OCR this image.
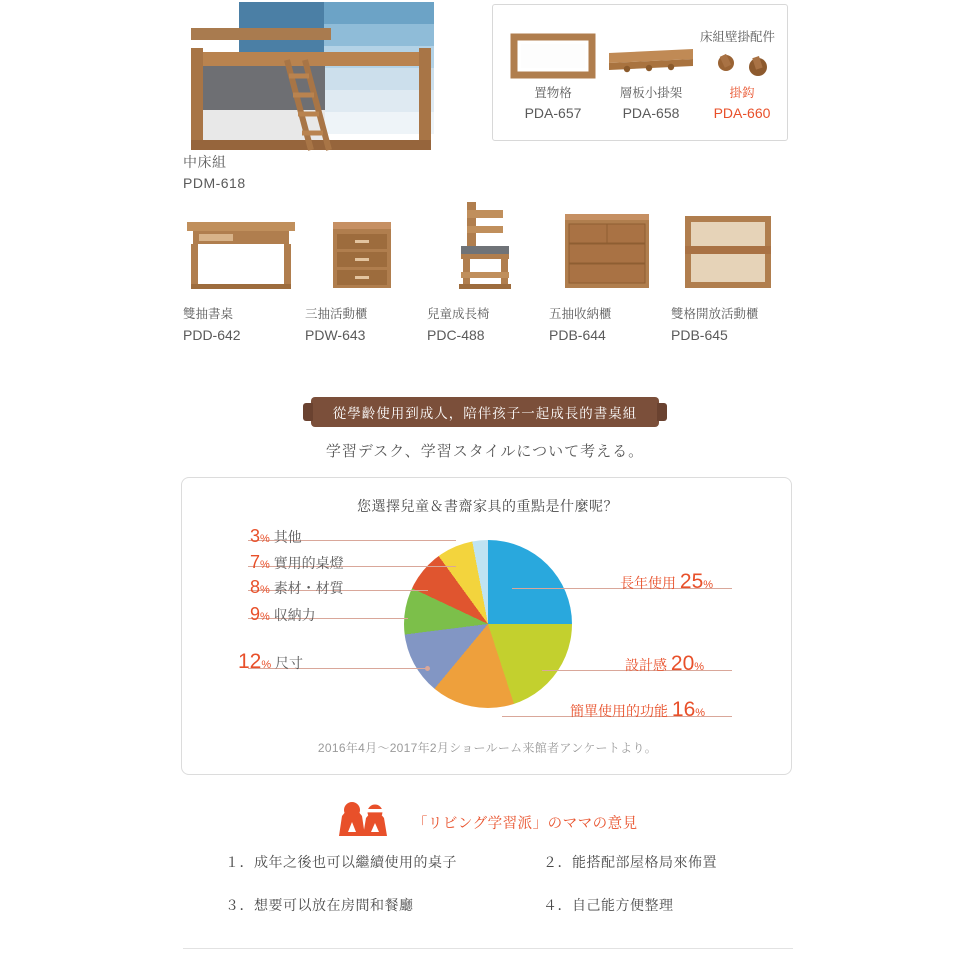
中床組
PDM-618
床組壁掛配件
置物格
PDA-657
層板小掛架
PDA-658
掛鈎
PDA-660
雙抽書桌
PDD-642
三抽活動櫃
PDW-643
兒童成長椅
PDC-488
五抽收納櫃
PDB-644
雙格開放活動櫃
PDB-645
從學齡使用到成人，陪伴孩子一起成長的書桌組
学習デスク、学習スタイルについて考える。
您選擇兒童＆書齋家具的重點是什麼呢？
3% 其他
7% 實用的桌燈
8% 素材・材質
9% 収納力
12% 尺寸
長年使用 25%
設計感 20%
簡單使用的功能 16%
2016年4月～2017年2月ショールーム来館者アンケートより。
「リビング学習派」のママの意見
１．成年之後也可以繼續使用的桌子	２．能搭配部屋格局來佈置
３．想要可以放在房間和餐廳	４．自己能方便整理
